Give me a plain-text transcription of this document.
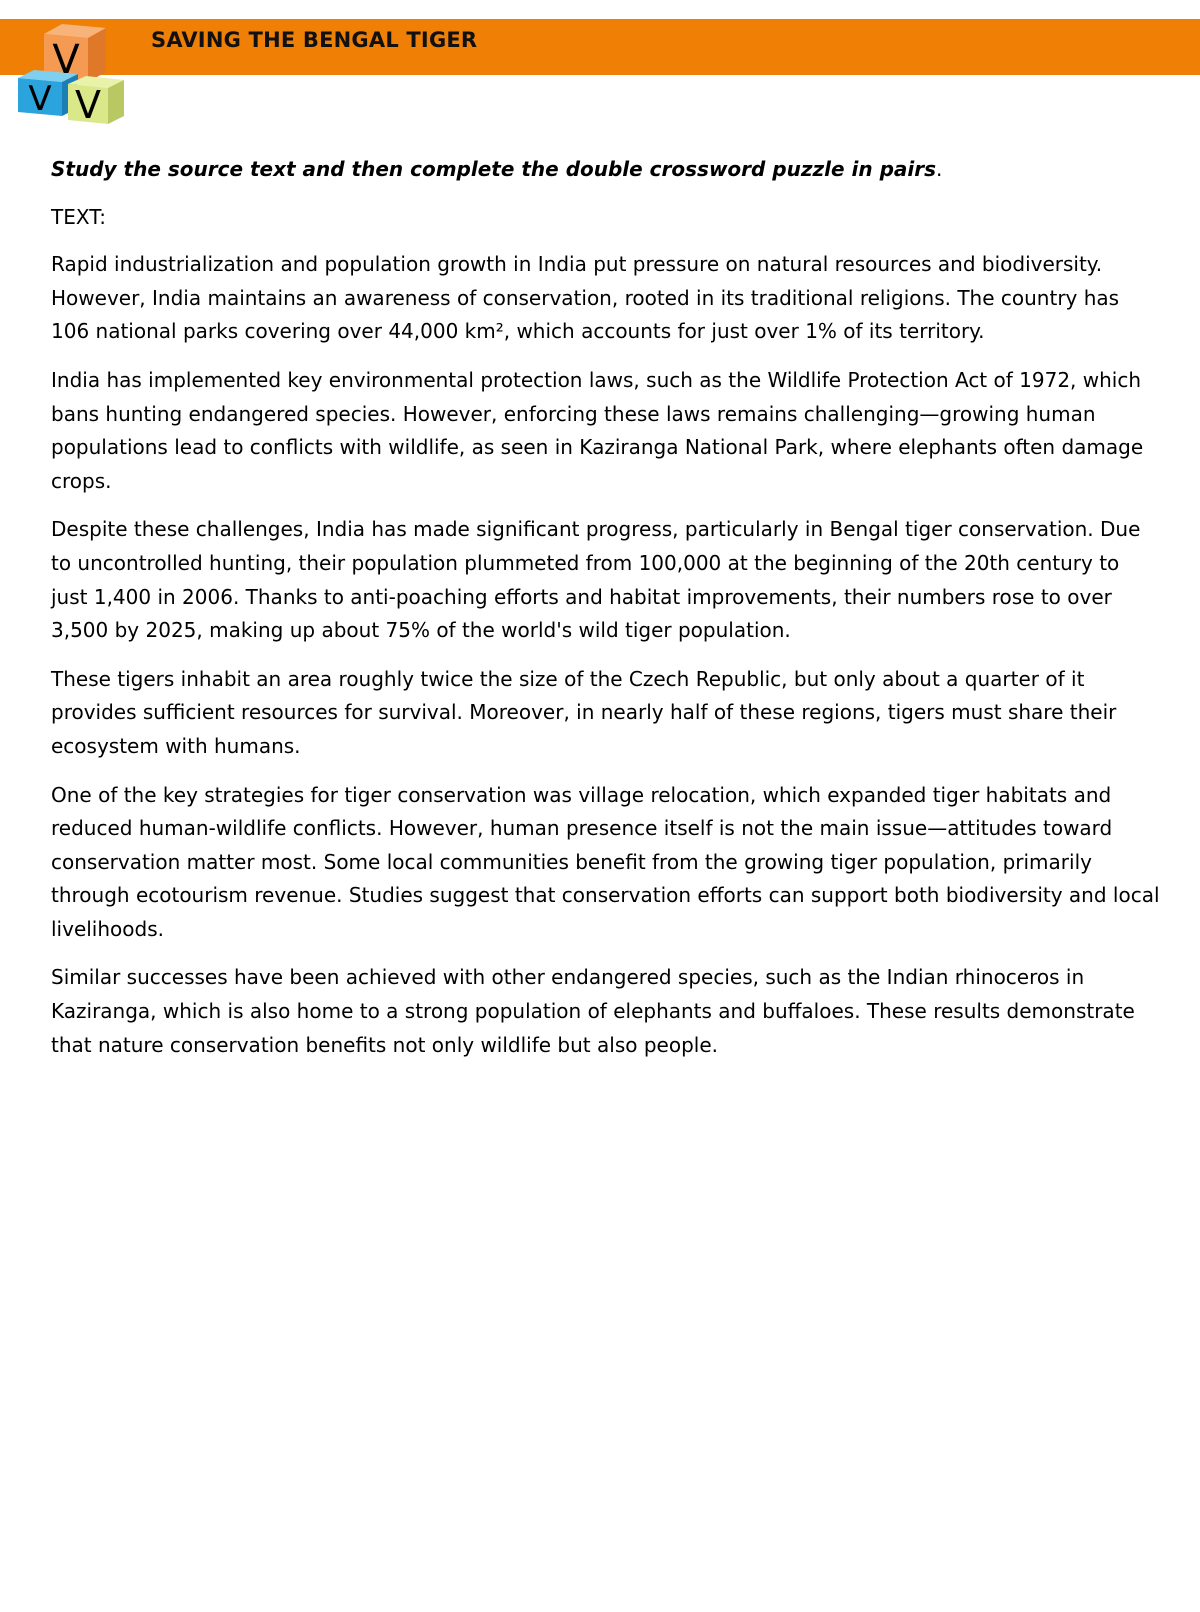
V
V V
SAVING THE BENGAL TIGER

Study the source text and then complete the double crossword puzzle in pairs.

TEXT:

Rapid industrialization and population growth in India put pressure on natural resources and biodiversity. However, India maintains an awareness of conservation, rooted in its traditional religions. The country has 106 national parks covering over 44,000 km², which accounts for just over 1% of its territory.

India has implemented key environmental protection laws, such as the Wildlife Protection Act of 1972, which bans hunting endangered species. However, enforcing these laws remains challenging—growing human populations lead to conflicts with wildlife, as seen in Kaziranga National Park, where elephants often damage crops.

Despite these challenges, India has made significant progress, particularly in Bengal tiger conservation. Due to uncontrolled hunting, their population plummeted from 100,000 at the beginning of the 20th century to just 1,400 in 2006. Thanks to anti-poaching efforts and habitat improvements, their numbers rose to over 3,500 by 2025, making up about 75% of the world's wild tiger population.

These tigers inhabit an area roughly twice the size of the Czech Republic, but only about a quarter of it provides sufficient resources for survival. Moreover, in nearly half of these regions, tigers must share their ecosystem with humans.

One of the key strategies for tiger conservation was village relocation, which expanded tiger habitats and reduced human-wildlife conflicts. However, human presence itself is not the main issue—attitudes toward conservation matter most. Some local communities benefit from the growing tiger population, primarily through ecotourism revenue. Studies suggest that conservation efforts can support both biodiversity and local livelihoods.

Similar successes have been achieved with other endangered species, such as the Indian rhinoceros in Kaziranga, which is also home to a strong population of elephants and buffaloes. These results demonstrate that nature conservation benefits not only wildlife but also people.
